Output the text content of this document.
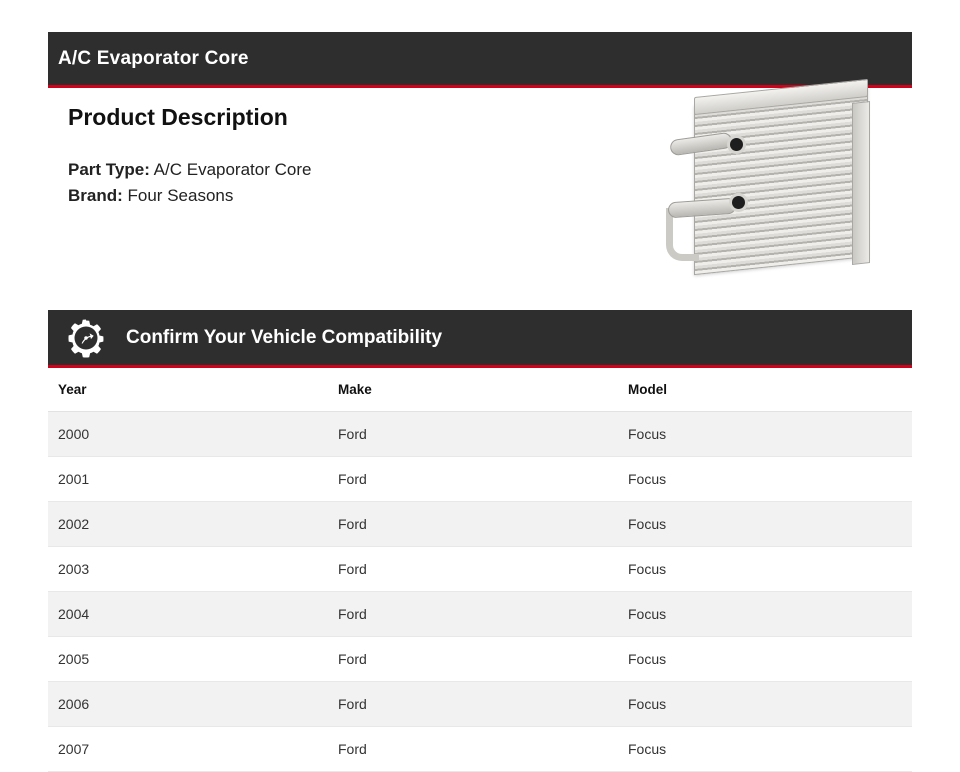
A/C Evaporator Core
Product Description
Part Type: A/C Evaporator Core
Brand: Four Seasons
Confirm Your Vehicle Compatibility
Year	Make	Model
2000	Ford	Focus
2001	Ford	Focus
2002	Ford	Focus
2003	Ford	Focus
2004	Ford	Focus
2005	Ford	Focus
2006	Ford	Focus
2007	Ford	Focus
